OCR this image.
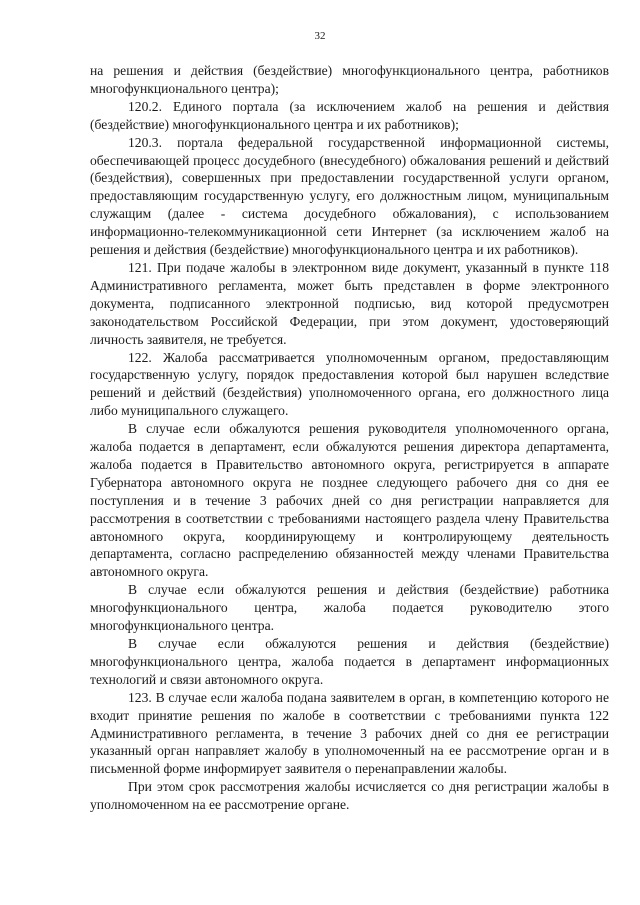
32

на решения и действия (бездействие) многофункционального центра, работников многофункционального центра);

120.2. Единого портала (за исключением жалоб на решения и действия (бездействие) многофункционального центра и их работников);

120.3. портала федеральной государственной информационной системы, обеспечивающей процесс досудебного (внесудебного) обжалования решений и действий (бездействия), совершенных при предоставлении государственной услуги органом, предоставляющим государственную услугу, его должностным лицом, муниципальным служащим (далее - система досудебного обжалования), с использованием информационно-телекоммуникационной сети Интернет (за исключением жалоб на решения и действия (бездействие) многофункционального центра и их работников).

121. При подаче жалобы в электронном виде документ, указанный в пункте 118 Административного регламента, может быть представлен в форме электронного документа, подписанного электронной подписью, вид которой предусмотрен законодательством Российской Федерации, при этом документ, удостоверяющий личность заявителя, не требуется.

122. Жалоба рассматривается уполномоченным органом, предоставляющим государственную услугу, порядок предоставления которой был нарушен вследствие решений и действий (бездействия) уполномоченного органа, его должностного лица либо муниципального служащего.

В случае если обжалуются решения руководителя уполномоченного органа, жалоба подается в департамент, если обжалуются решения директора департамента, жалоба подается в Правительство автономного округа, регистрируется в аппарате Губернатора автономного округа не позднее следующего рабочего дня со дня ее поступления и в течение 3 рабочих дней со дня регистрации направляется для рассмотрения в соответствии с требованиями настоящего раздела члену Правительства автономного округа, координирующему и контролирующему деятельность департамента, согласно распределению обязанностей между членами Правительства автономного округа.

В случае если обжалуются решения и действия (бездействие) работника многофункционального центра, жалоба подается руководителю этого многофункционального центра.

В случае если обжалуются решения и действия (бездействие) многофункционального центра, жалоба подается в департамент информационных технологий и связи автономного округа.

123. В случае если жалоба подана заявителем в орган, в компетенцию которого не входит принятие решения по жалобе в соответствии с требованиями пункта 122 Административного регламента, в течение 3 рабочих дней со дня ее регистрации указанный орган направляет жалобу в уполномоченный на ее рассмотрение орган и в письменной форме информирует заявителя о перенаправлении жалобы.

При этом срок рассмотрения жалобы исчисляется со дня регистрации жалобы в уполномоченном на ее рассмотрение органе.
